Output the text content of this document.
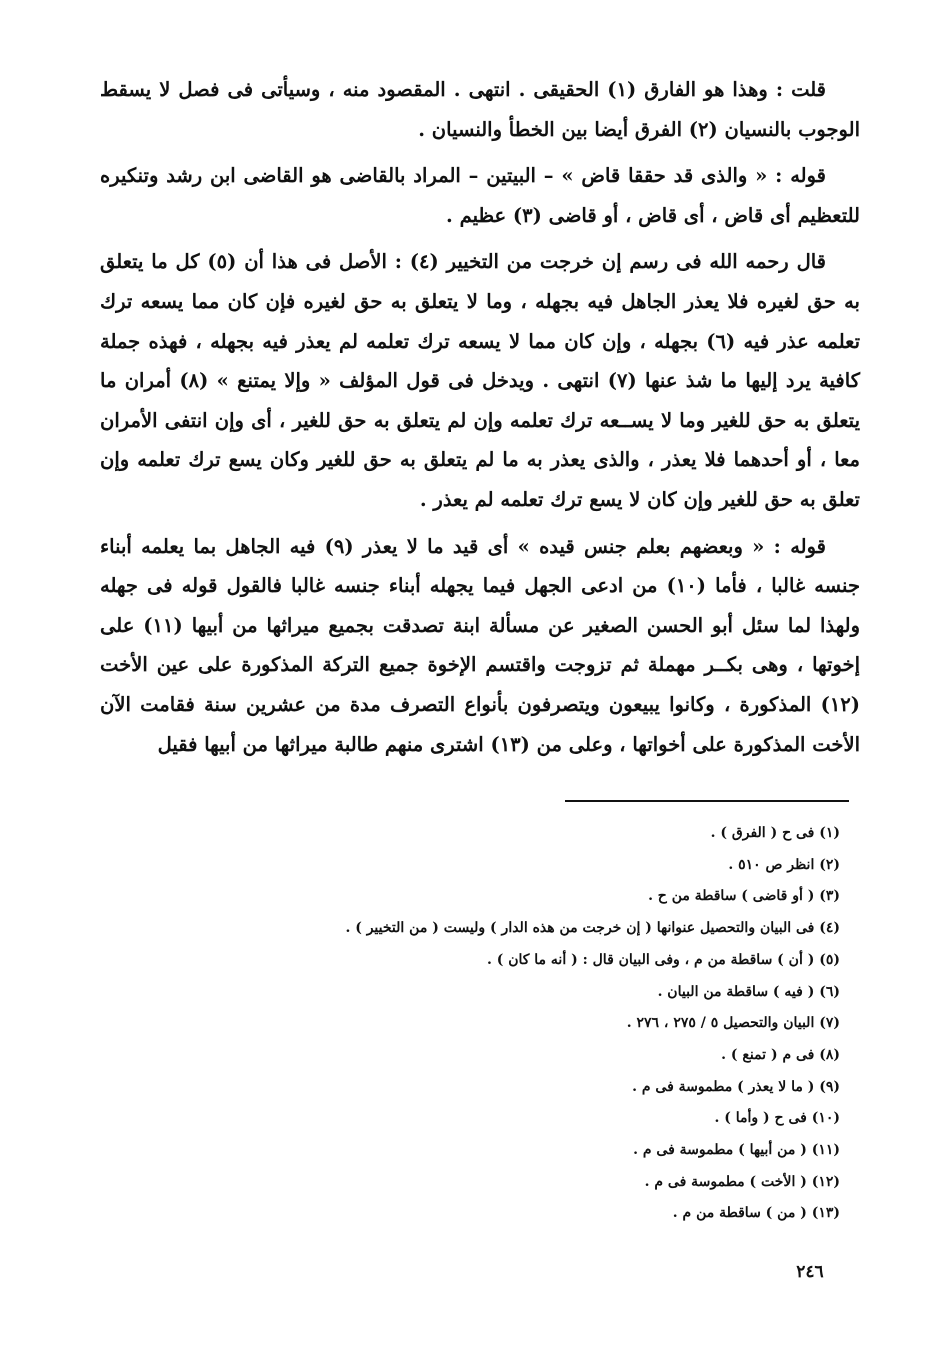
قلت : وهذا هو الفارق (١) الحقيقى . انتهى . المقصود منه ، وسيأتى فى فصل لا يسقط الوجوب بالنسيان (٢) الفرق أيضا بين الخطأ والنسيان .

قوله : « والذى قد حققا قاض » – البيتين – المراد بالقاضى هو القاضى ابن رشد وتنكيره للتعظيم أى قاض ، أى قاض ، أو قاضى (٣) عظيم .

قال رحمه الله فى رسم إن خرجت من التخيير (٤) : الأصل فى هذا أن (٥) كل ما يتعلق به حق لغيره فلا يعذر الجاهل فيه بجهله ، وما لا يتعلق به حق لغيره فإن كان مما يسعه ترك تعلمه عذر فيه (٦) بجهله ، وإن كان مما لا يسعه ترك تعلمه لم يعذر فيه بجهله ، فهذه جملة كافية يرد إليها ما شذ عنها (٧) انتهى . ويدخل فى قول المؤلف « وإلا يمتنع » (٨) أمران ما يتعلق به حق للغير وما لا يســعه ترك تعلمه وإن لم يتعلق به حق للغير ، أى وإن انتفى الأمران معا ، أو أحدهما فلا يعذر ، والذى يعذر به ما لم يتعلق به حق للغير وكان يسع ترك تعلمه وإن تعلق به حق للغير وإن كان لا يسع ترك تعلمه لم يعذر .

قوله : « وبعضهم بعلم جنس قيده » أى قيد ما لا يعذر (٩) فيه الجاهل بما يعلمه أبناء جنسه غالبا ، فأما (١٠) من ادعى الجهل فيما يجهله أبناء جنسه غالبا فالقول قوله فى جهله ولهذا لما سئل أبو الحسن الصغير عن مسألة ابنة تصدقت بجميع ميراثها من أبيها (١١) على إخوتها ، وهى بكــر مهملة ثم تزوجت واقتسم الإخوة جميع التركة المذكورة على عين الأخت (١٢) المذكورة ، وكانوا يبيعون ويتصرفون بأنواع التصرف مدة من عشرين سنة فقامت الآن الأخت المذكورة على أخواتها ، وعلى من (١٣) اشترى منهم طالبة ميراثها من أبيها فقيل

(١) فى ح ( الفرق ) .
(٢) انظر ص ٥١٠ .
(٣) ( أو قاضى ) ساقطة من ح .
(٤) فى البيان والتحصيل عنوانها ( إن خرجت من هذه الدار ) وليست ( من التخيير ) .
(٥) ( أن ) ساقطة من م ، وفى البيان قال : ( أنه ما كان ) .
(٦) ( فيه ) ساقطة من البيان .
(٧) البيان والتحصيل ٥ / ٢٧٥ ، ٢٧٦ .
(٨) فى م ( تمنع ) .
(٩) ( ما لا يعذر ) مطموسة فى م .
(١٠) فى ح ( وأما ) .
(١١) ( من أبيها ) مطموسة فى م .
(١٢) ( الأخت ) مطموسة فى م .
(١٣) ( من ) ساقطة من م .
٢٤٦
